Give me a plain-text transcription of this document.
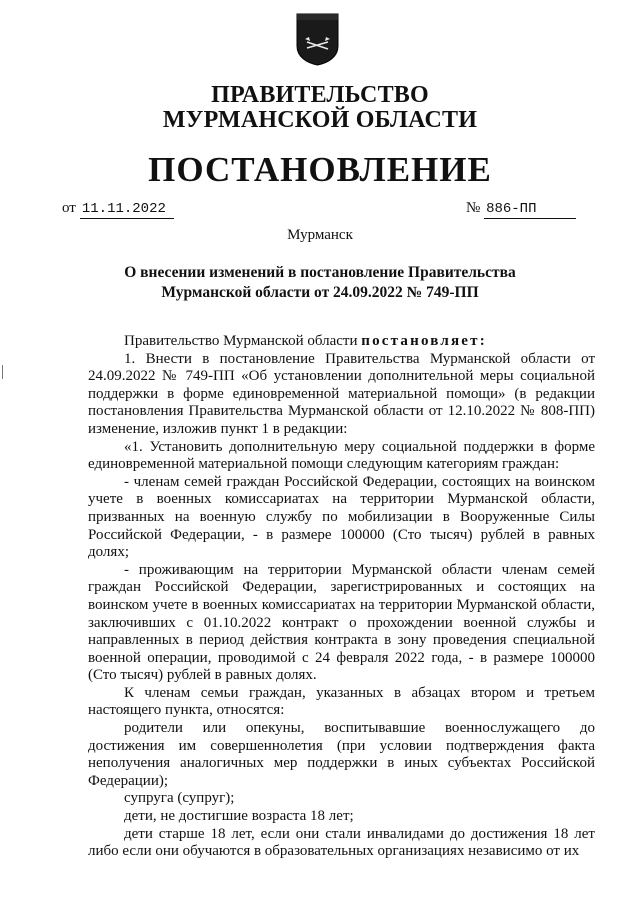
ПРАВИТЕЛЬСТВО
МУРМАНСКОЙ ОБЛАСТИ
ПОСТАНОВЛЕНИЕ
от 11.11.2022	№ 886-ПП
Мурманск
О внесении изменений в постановление Правительства
Мурманской области от 24.09.2022 № 749-ПП

Правительство Мурманской области постановляет:

1. Внести в постановление Правительства Мурманской области от 24.09.2022 № 749-ПП «Об установлении дополнительной меры социальной поддержки в форме единовременной материальной помощи» (в редакции постановления Правительства Мурманской области от 12.10.2022 № 808-ПП) изменение, изложив пункт 1 в редакции:

«1. Установить дополнительную меру социальной поддержки в форме единовременной материальной помощи следующим категориям граждан:

- членам семей граждан Российской Федерации, состоящих на воинском учете в военных комиссариатах на территории Мурманской области, призванных на военную службу по мобилизации в Вооруженные Силы Российской Федерации, - в размере 100000 (Сто тысяч) рублей в равных долях;

- проживающим на территории Мурманской области членам семей граждан Российской Федерации, зарегистрированных и состоящих на воинском учете в военных комиссариатах на территории Мурманской области, заключивших с 01.10.2022 контракт о прохождении военной службы и направленных в период действия контракта в зону проведения специальной военной операции, проводимой с 24 февраля 2022 года, - в размере 100000 (Сто тысяч) рублей в равных долях.

К членам семьи граждан, указанных в абзацах втором и третьем настоящего пункта, относятся:

родители или опекуны, воспитывавшие военнослужащего до достижения им совершеннолетия (при условии подтверждения факта неполучения аналогичных мер поддержки в иных субъектах Российской Федерации);

супруга (супруг);

дети, не достигшие возраста 18 лет;

дети старше 18 лет, если они стали инвалидами до достижения 18 лет либо если они обучаются в образовательных организациях независимо от их
